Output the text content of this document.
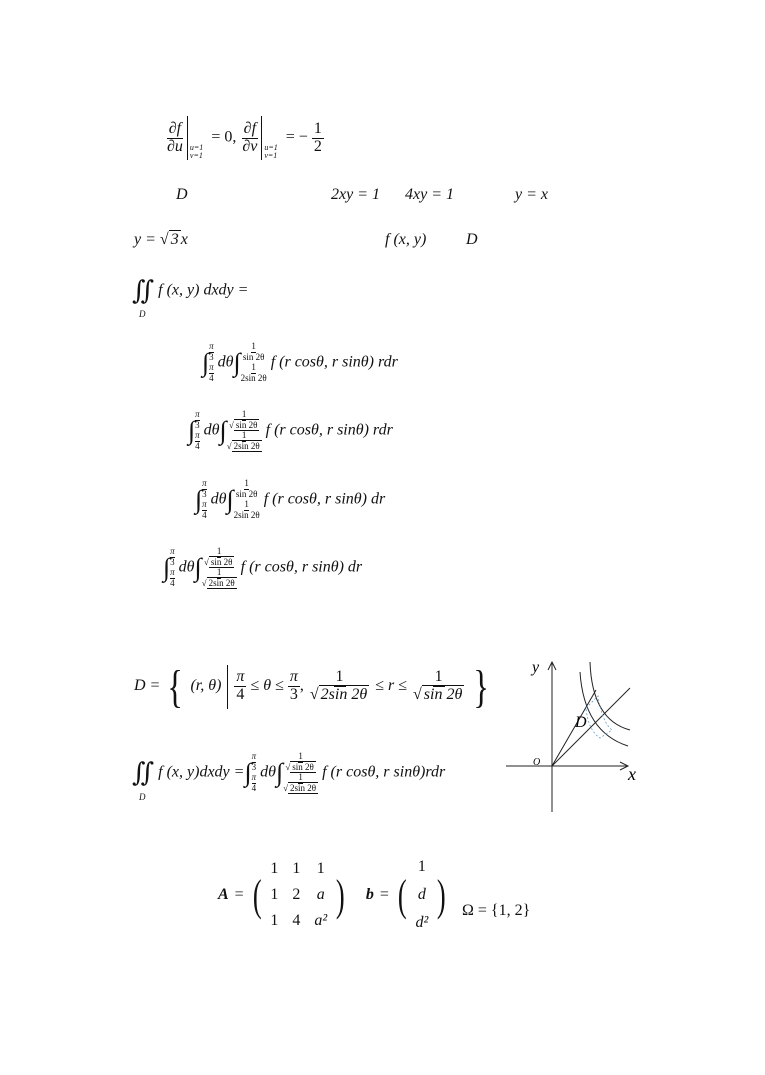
$\frac{\partial f}{\partial u} u=1$
v=1
= 0, $\frac{\partial f}{\partial v} u=1$
v=1
= − $\frac{1}{2}$
D	2xy = 1 4xy = 1	y = x
y = √ 3 x	f (x, y) D
∬ f (x, y) dxdy =
D
∫
π
3
π
4
dθ∫
1
sin 2θ
1
2sin 2θ
f (r cosθ, r sinθ) rdr
∫
π
3
π
4
dθ∫
1
√ sin 2θ
1
√ 2sin 2θ
f (r cosθ, r sinθ) rdr
∫
π
3
π
4
dθ∫
1
sin 2θ
1
2sin 2θ
f (r cosθ, r sinθ) dr
∫
π
3
π
4
dθ∫
1
√ sin 2θ
1
√ 2sin 2θ
f (r cosθ, r sinθ) dr
D = { (r, $\theta) \frac{\pi}{4} \le \theta \le \frac{\pi}{3}$ , $\frac{1}{√ 2\sin 2\theta} \le r \le \frac{1}{√ \sin 2\theta}$ }
∬ f (x, y)dxdy =∫
π
3
π
4
dθ∫
1
√ sin 2θ
1
√ 2sin 2θ
f (r cosθ, r sinθ)rdr
D
y
x
O
D
A = (
1 1 1
1 2 a
1 4 a²
) b = (
1
d
d²
) Ω = {1, 2}
